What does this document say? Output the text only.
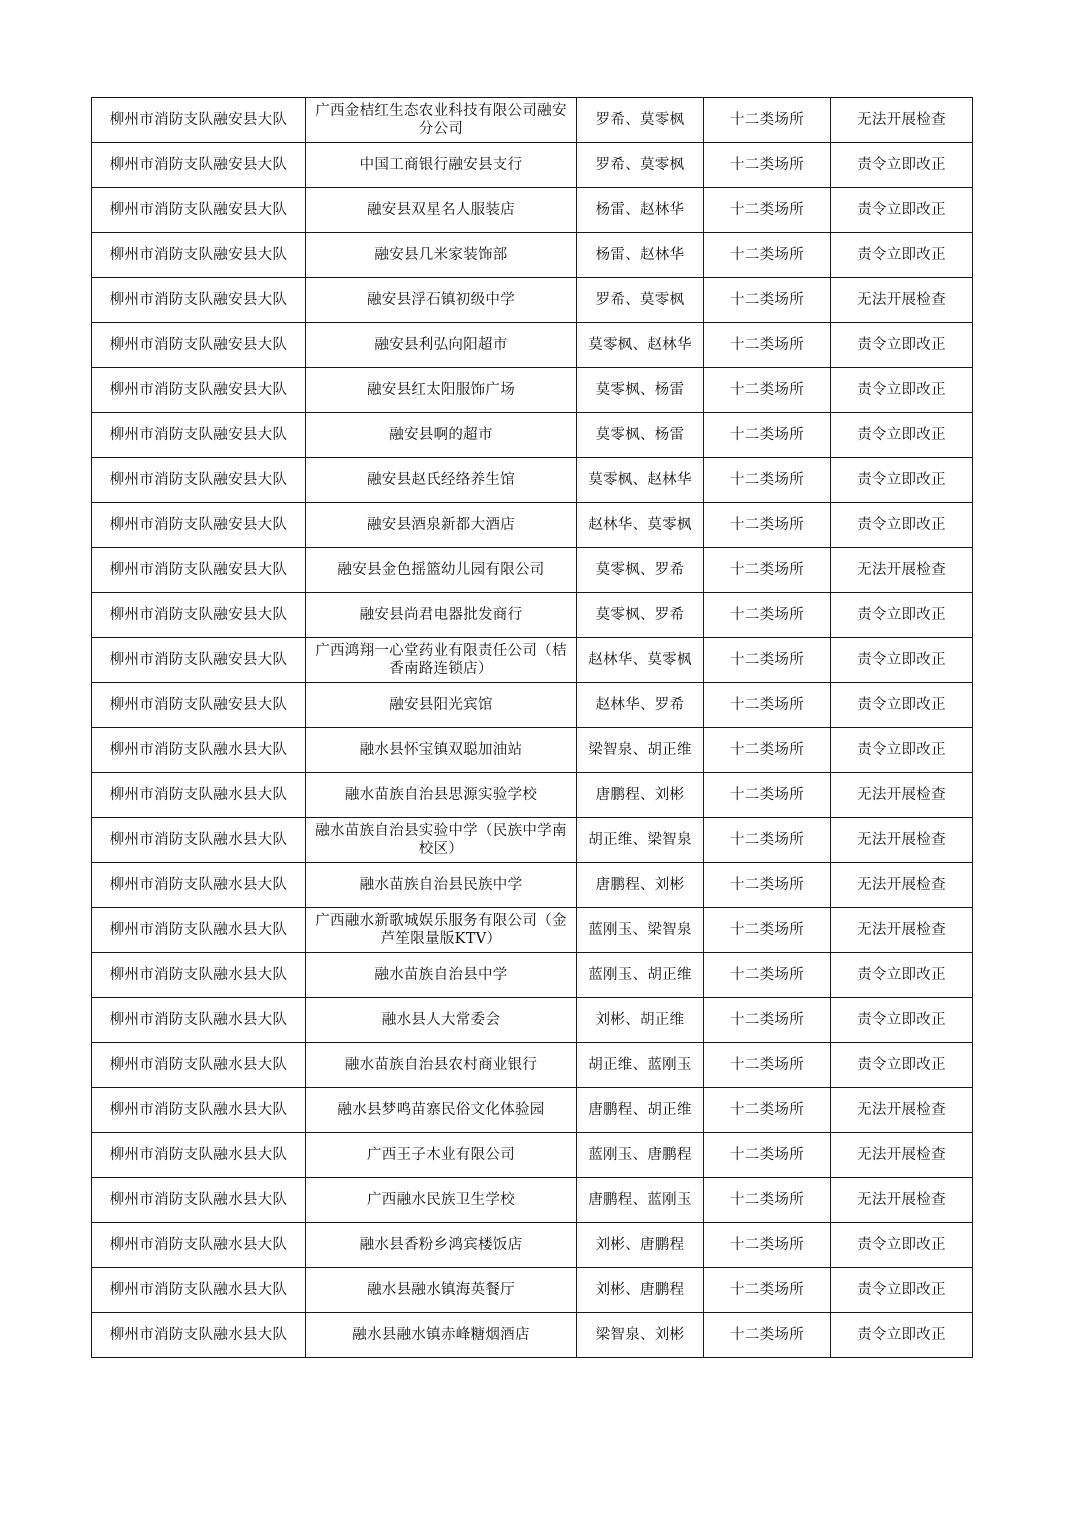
柳州市消防支队融安县大队	广西金桔红生态农业科技有限公司融安分公司	罗希、莫零枫	十二类场所	无法开展检查
柳州市消防支队融安县大队	中国工商银行融安县支行	罗希、莫零枫	十二类场所	责令立即改正
柳州市消防支队融安县大队	融安县双星名人服装店	杨雷、赵林华	十二类场所	责令立即改正
柳州市消防支队融安县大队	融安县几米家装饰部	杨雷、赵林华	十二类场所	责令立即改正
柳州市消防支队融安县大队	融安县浮石镇初级中学	罗希、莫零枫	十二类场所	无法开展检查
柳州市消防支队融安县大队	融安县利弘向阳超市	莫零枫、赵林华	十二类场所	责令立即改正
柳州市消防支队融安县大队	融安县红太阳服饰广场	莫零枫、杨雷	十二类场所	责令立即改正
柳州市消防支队融安县大队	融安县啊的超市	莫零枫、杨雷	十二类场所	责令立即改正
柳州市消防支队融安县大队	融安县赵氏经络养生馆	莫零枫、赵林华	十二类场所	责令立即改正
柳州市消防支队融安县大队	融安县酒泉新都大酒店	赵林华、莫零枫	十二类场所	责令立即改正
柳州市消防支队融安县大队	融安县金色摇篮幼儿园有限公司	莫零枫、罗希	十二类场所	无法开展检查
柳州市消防支队融安县大队	融安县尚君电器批发商行	莫零枫、罗希	十二类场所	责令立即改正
柳州市消防支队融安县大队	广西鸿翔一心堂药业有限责任公司（桔香南路连锁店）	赵林华、莫零枫	十二类场所	责令立即改正
柳州市消防支队融安县大队	融安县阳光宾馆	赵林华、罗希	十二类场所	责令立即改正
柳州市消防支队融水县大队	融水县怀宝镇双聪加油站	梁智泉、胡正维	十二类场所	责令立即改正
柳州市消防支队融水县大队	融水苗族自治县思源实验学校	唐鹏程、刘彬	十二类场所	无法开展检查
柳州市消防支队融水县大队	融水苗族自治县实验中学（民族中学南校区）	胡正维、梁智泉	十二类场所	无法开展检查
柳州市消防支队融水县大队	融水苗族自治县民族中学	唐鹏程、刘彬	十二类场所	无法开展检查
柳州市消防支队融水县大队	广西融水新歌城娱乐服务有限公司（金芦笙限量版KTV）	蓝刚玉、梁智泉	十二类场所	无法开展检查
柳州市消防支队融水县大队	融水苗族自治县中学	蓝刚玉、胡正维	十二类场所	责令立即改正
柳州市消防支队融水县大队	融水县人大常委会	刘彬、胡正维	十二类场所	责令立即改正
柳州市消防支队融水县大队	融水苗族自治县农村商业银行	胡正维、蓝刚玉	十二类场所	责令立即改正
柳州市消防支队融水县大队	融水县梦鸣苗寨民俗文化体验园	唐鹏程、胡正维	十二类场所	无法开展检查
柳州市消防支队融水县大队	广西王子木业有限公司	蓝刚玉、唐鹏程	十二类场所	无法开展检查
柳州市消防支队融水县大队	广西融水民族卫生学校	唐鹏程、蓝刚玉	十二类场所	无法开展检查
柳州市消防支队融水县大队	融水县香粉乡鸿宾楼饭店	刘彬、唐鹏程	十二类场所	责令立即改正
柳州市消防支队融水县大队	融水县融水镇海英餐厅	刘彬、唐鹏程	十二类场所	责令立即改正
柳州市消防支队融水县大队	融水县融水镇赤峰糖烟酒店	梁智泉、刘彬	十二类场所	责令立即改正
